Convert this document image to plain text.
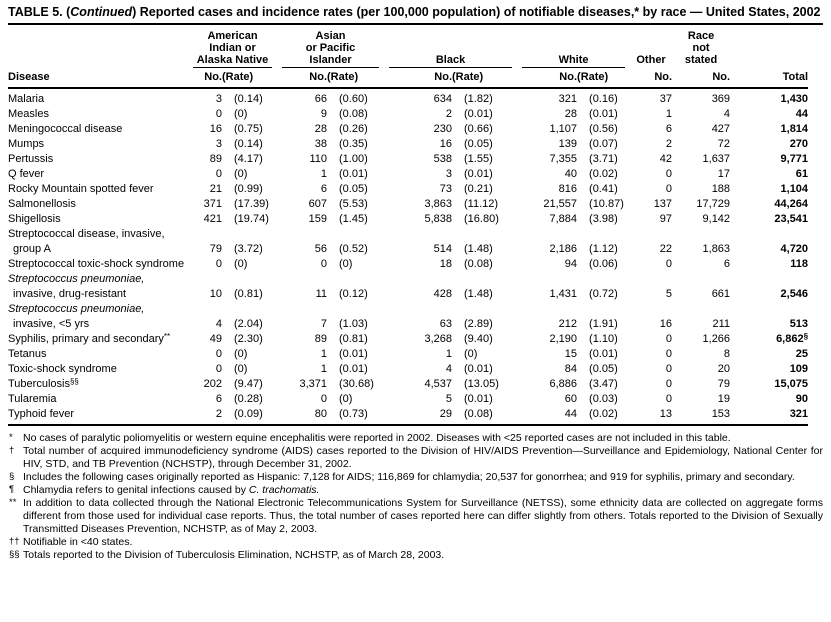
TABLE 5. (Continued) Reported cases and incidence rates (per 100,000 population) of notifiable diseases,* by race — United States, 2002
Disease	
American
Indian or
Alaska Native

Asian
or Pacific
Islander	Black	White	Other

Race
not
stated
	Total
	No.	(Rate)	No.	(Rate)	No.	(Rate)	No.	(Rate)	No.	No.	
Malaria	3	(0.14)	66	(0.60)	634	(1.82)	321	(0.16)	37	369	1,430
Measles	0	(0)	9	(0.08)	2	(0.01)	28	(0.01)	1	4	44
Meningococcal disease	16	(0.75)	28	(0.26)	230	(0.66)	1,107	(0.56)	6	427	1,814
Mumps	3	(0.14)	38	(0.35)	16	(0.05)	139	(0.07)	2	72	270
Pertussis	89	(4.17)	110	(1.00)	538	(1.55)	7,355	(3.71)	42	1,637	9,771
Q fever	0	(0)	1	(0.01)	3	(0.01)	40	(0.02)	0	17	61
Rocky Mountain spotted fever	21	(0.99)	6	(0.05)	73	(0.21)	816	(0.41)	0	188	1,104
Salmonellosis	371	(17.39)	607	(5.53)	3,863	(11.12)	21,557	(10.87)	137	17,729	44,264
Shigellosis	421	(19.74)	159	(1.45)	5,838	(16.80)	7,884	(3.98)	97	9,142	23,541
Streptococcal disease, invasive,											
group A	79	(3.72)	56	(0.52)	514	(1.48)	2,186	(1.12)	22	1,863	4,720
Streptococcal toxic-shock syndrome	0	(0)	0	(0)	18	(0.08)	94	(0.06)	0	6	118
Streptococcus pneumoniae,											
invasive, drug-resistant	10	(0.81)	11	(0.12)	428	(1.48)	1,431	(0.72)	5	661	2,546
Streptococcus pneumoniae,											
invasive, <5 yrs	4	(2.04)	7	(1.03)	63	(2.89)	212	(1.91)	16	211	513
Syphilis, primary and secondary**	49	(2.30)	89	(0.81)	3,268	(9.40)	2,190	(1.10)	0	1,266	6,862§
Tetanus	0	(0)	1	(0.01)	1	(0)	15	(0.01)	0	8	25
Toxic-shock syndrome	0	(0)	1	(0.01)	4	(0.01)	84	(0.05)	0	20	109
Tuberculosis§§	202	(9.47)	3,371	(30.68)	4,537	(13.05)	6,886	(3.47)	0	79	15,075
Tularemia	6	(0.28)	0	(0)	5	(0.01)	60	(0.03)	0	19	90
Typhoid fever	2	(0.09)	80	(0.73)	29	(0.08)	44	(0.02)	13	153	321
* No cases of paralytic poliomyelitis or western equine encephalitis were reported in 2002. Diseases with <25 reported cases are not included in this table.
† Total number of acquired immunodeficiency syndrome (AIDS) cases reported to the Division of HIV/AIDS Prevention—Surveillance and Epidemiology, National Center for HIV, STD, and TB Prevention (NCHSTP), through December 31, 2002.
§ Includes the following cases originally reported as Hispanic: 7,128 for AIDS; 116,869 for chlamydia; 20,537 for gonorrhea; and 919 for syphilis, primary and secondary.
¶ Chlamydia refers to genital infections caused by C. trachomatis.
** In addition to data collected through the National Electronic Telecommunications System for Surveillance (NETSS), some ethnicity data are collected on aggregate forms different from those used for individual case reports. Thus, the total number of cases reported here can differ slightly from others. Totals reported to the Division of Sexually Transmitted Diseases Prevention, NCHSTP, as of May 2, 2003.
†† Notifiable in <40 states.
§§ Totals reported to the Division of Tuberculosis Elimination, NCHSTP, as of March 28, 2003.
